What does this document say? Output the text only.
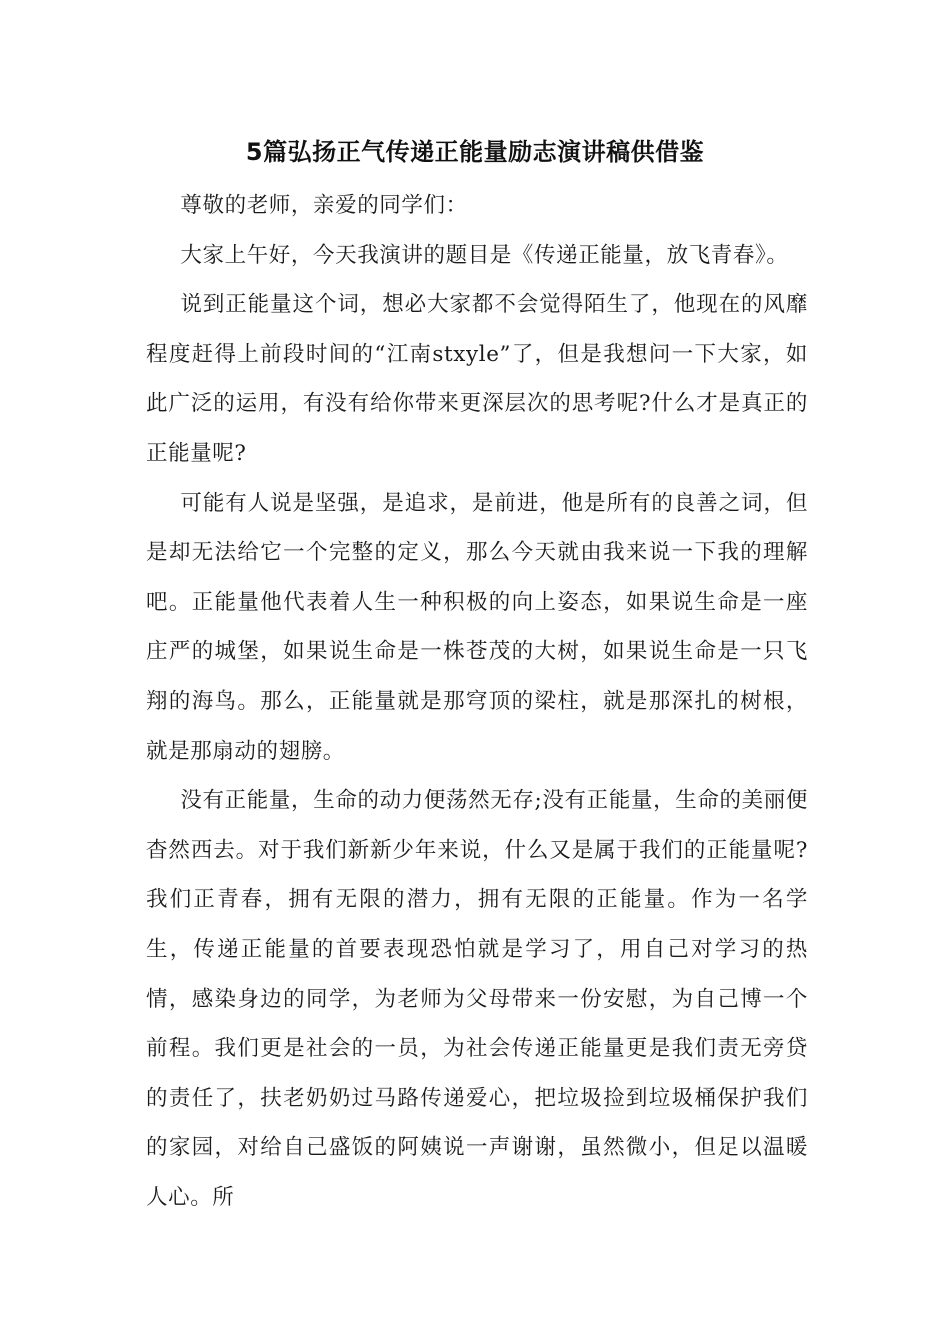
5篇弘扬正气传递正能量励志演讲稿供借鉴

尊敬的老师，亲爱的同学们：

大家上午好，今天我演讲的题目是《传递正能量，放飞青春》。

说到正能量这个词，想必大家都不会觉得陌生了，他现在的风靡程度赶得上前段时间的“江南stxyle”了，但是我想问一下大家，如此广泛的运用，有没有给你带来更深层次的思考呢?什么才是真正的正能量呢?

可能有人说是坚强，是追求，是前进，他是所有的良善之词，但是却无法给它一个完整的定义，那么今天就由我来说一下我的理解吧。正能量他代表着人生一种积极的向上姿态，如果说生命是一座庄严的城堡，如果说生命是一株苍茂的大树，如果说生命是一只飞翔的海鸟。那么，正能量就是那穹顶的梁柱，就是那深扎的树根，就是那扇动的翅膀。

没有正能量，生命的动力便荡然无存;没有正能量，生命的美丽便杳然西去。对于我们新新少年来说，什么又是属于我们的正能量呢?我们正青春，拥有无限的潜力，拥有无限的正能量。作为一名学生，传递正能量的首要表现恐怕就是学习了，用自己对学习的热情，感染身边的同学，为老师为父母带来一份安慰，为自己博一个前程。我们更是社会的一员，为社会传递正能量更是我们责无旁贷的责任了，扶老奶奶过马路传递爱心，把垃圾捡到垃圾桶保护我们的家园，对给自己盛饭的阿姨说一声谢谢，虽然微小，但足以温暖人心。所
